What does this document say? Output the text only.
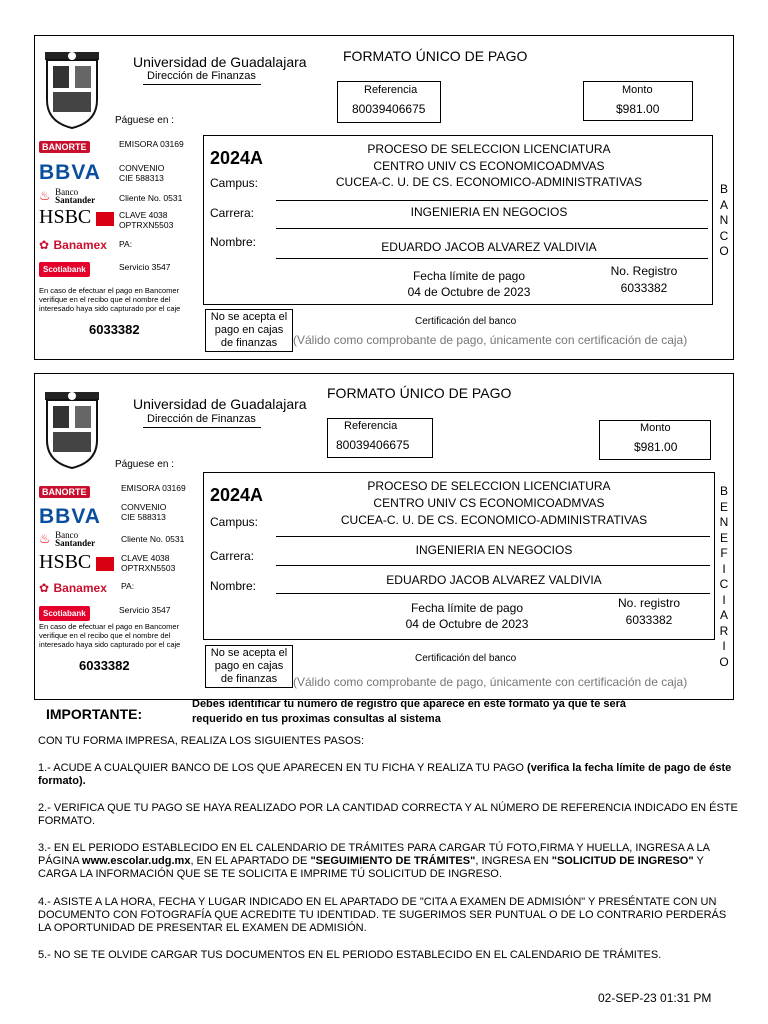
Universidad de Guadalajara
Dirección de Finanzas
FORMATO ÚNICO DE PAGO
Referencia
80039406675
Monto
$981.00
Páguese en :
BANORTE	EMISORA 03169
BBVA CONVENIO
CIE 588313
♨ Banco
Santander	Cliente No. 0531
HSBC	CLAVE 4038
OPTRXN5503
✿ Banamex PA:
Scotiabank	Servicio 3547
En caso de efectuar el pago en Bancomer
verifique en el recibo que el nombre del
interesado haya sido capturado por el caje
6033382
2024A	PROCESO DE SELECCION LICENCIATURA
CENTRO UNIV CS ECONOMICOADMVAS
Campus:	CUCEA-C. U. DE CS. ECONOMICO-ADMINISTRATIVAS
Carrera:	INGENIERIA EN NEGOCIOS
Nombre:	EDUARDO JACOB ALVAREZ VALDIVIA
Fecha límite de pago
04 de Octubre de 2023
No. Registro
6033382
B
A
N
C
O
No se acepta el
pago en cajas
de finanzas
Certificación del banco
(Válido como comprobante de pago, únicamente con certificación de caja)
Universidad de Guadalajara
Dirección de Finanzas
FORMATO ÚNICO DE PAGO
Referencia
80039406675
Monto
$981.00
Páguese en :
BANORTE	EMISORA 03169
BBVA CONVENIO
CIE 588313
♨ Banco
Santander	Cliente No. 0531
HSBC	CLAVE 4038
OPTRXN5503
✿ Banamex PA:
Scotiabank	Servicio 3547
En caso de efectuar el pago en Bancomer
verifique en el recibo que el nombre del
interesado haya sido capturado por el caje
6033382
2024A	PROCESO DE SELECCION LICENCIATURA
CENTRO UNIV CS ECONOMICOADMVAS
Campus:	CUCEA-C. U. DE CS. ECONOMICO-ADMINISTRATIVAS
Carrera:	INGENIERIA EN NEGOCIOS
Nombre:	EDUARDO JACOB ALVAREZ VALDIVIA
Fecha límite de pago
04 de Octubre de 2023
No. registro
6033382
B
E
N
E
F
I
C
I
A
R
I
O
No se acepta el
pago en cajas
de finanzas
Certificación del banco
(Válido como comprobante de pago, únicamente con certificación de caja)
IMPORTANTE:
Debes identificar tu número de registro que aparece en este formato ya que te será
requerido en tus proximas consultas al sistema
CON TU FORMA IMPRESA, REALIZA LOS SIGUIENTES PASOS:
1.- ACUDE A CUALQUIER BANCO DE LOS QUE APARECEN EN TU FICHA Y REALIZA TU PAGO (verifica la fecha límite de pago de éste formato).
2.- VERIFICA QUE TU PAGO SE HAYA REALIZADO POR LA CANTIDAD CORRECTA Y AL NÚMERO DE REFERENCIA INDICADO EN ÉSTE FORMATO.
3.- EN EL PERIODO ESTABLECIDO EN EL CALENDARIO DE TRÁMITES PARA CARGAR TÚ FOTO,FIRMA Y HUELLA, INGRESA A LA PÁGINA www.escolar.udg.mx, EN EL APARTADO DE "SEGUIMIENTO DE TRÁMITES", INGRESA EN "SOLICITUD DE INGRESO" Y CARGA LA INFORMACIÓN QUE SE TE SOLICITA E IMPRIME TÚ SOLICITUD DE INGRESO.
4.- ASISTE A LA HORA, FECHA Y LUGAR INDICADO EN EL APARTADO DE "CITA A EXAMEN DE ADMISIÓN" Y PRESÉNTATE CON UN DOCUMENTO CON FOTOGRAFÍA QUE ACREDITE TU IDENTIDAD. TE SUGERIMOS SER PUNTUAL O DE LO CONTRARIO PERDERÁS LA OPORTUNIDAD DE PRESENTAR EL EXAMEN DE ADMISIÓN.
5.- NO SE TE OLVIDE CARGAR TUS DOCUMENTOS EN EL PERIODO ESTABLECIDO EN EL CALENDARIO DE TRÁMITES.
02-SEP-23 01:31 PM
